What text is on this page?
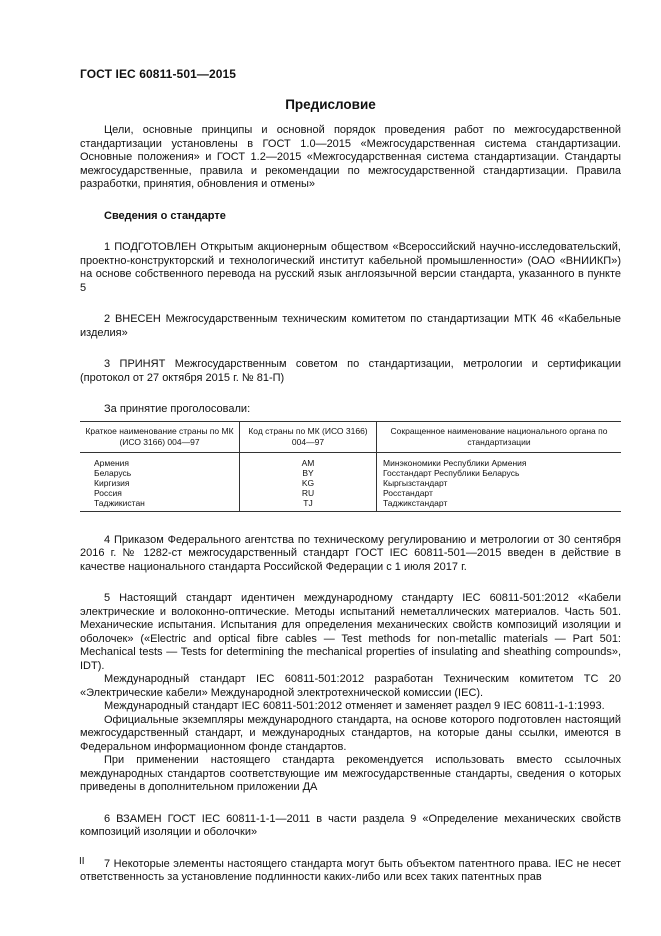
ГОСТ IEC 60811-501—2015
Предисловие

Цели, основные принципы и основной порядок проведения работ по межгосударственной стандартизации установлены в ГОСТ 1.0—2015 «Межгосударственная система стандартизации. Основные положения» и ГОСТ 1.2—2015 «Межгосударственная система стандартизации. Стандарты межгосударственные, правила и рекомендации по межгосударственной стандартизации. Правила разработки, принятия, обновления и отмены»

Сведения о стандарте

1 ПОДГОТОВЛЕН Открытым акционерным обществом «Всероссийский научно-исследовательский, проектно-конструкторский и технологический институт кабельной промышленности» (ОАО «ВНИИКП») на основе собственного перевода на русский язык англоязычной версии стандарта, указанного в пункте 5

2 ВНЕСЕН Межгосударственным техническим комитетом по стандартизации МТК 46 «Кабельные изделия»

3 ПРИНЯТ Межгосударственным советом по стандартизации, метрологии и сертификации (протокол от 27 октября 2015 г. № 81-П)

За принятие проголосовали:

Краткое наименование страны по МК (ИСО 3166) 004—97	Код страны по МК (ИСО 3166) 004—97	Сокращенное наименование национального органа по стандартизации
Армения	AM	Минэкономики Республики Армения
Беларусь	BY	Госстандарт Республики Беларусь
Киргизия	KG	Кыргызстандарт
Россия	RU	Росстандарт
Таджикистан	TJ	Таджикстандарт

4 Приказом Федерального агентства по техническому регулированию и метрологии от 30 сентября 2016 г. № 1282-ст межгосударственный стандарт ГОСТ IEC 60811-501—2015 введен в действие в качестве национального стандарта Российской Федерации с 1 июля 2017 г.

5 Настоящий стандарт идентичен международному стандарту IEC 60811-501:2012 «Кабели электрические и волоконно-оптические. Методы испытаний неметаллических материалов. Часть 501. Механические испытания. Испытания для определения механических свойств композиций изоляции и оболочек» («Electric and optical fibre cables — Test methods for non-metallic materials — Part 501: Mechanical tests — Tests for determining the mechanical properties of insulating and sheathing compounds», IDT).

Международный стандарт IEC 60811-501:2012 разработан Техническим комитетом TC 20 «Электрические кабели» Международной электротехнической комиссии (IEC).

Международный стандарт IEC 60811-501:2012 отменяет и заменяет раздел 9 IEC 60811-1-1:1993.

Официальные экземпляры международного стандарта, на основе которого подготовлен настоящий межгосударственный стандарт, и международных стандартов, на которые даны ссылки, имеются в Федеральном информационном фонде стандартов.

При применении настоящего стандарта рекомендуется использовать вместо ссылочных международных стандартов соответствующие им межгосударственные стандарты, сведения о которых приведены в дополнительном приложении ДА

6 ВЗАМЕН ГОСТ IEC 60811-1-1—2011 в части раздела 9 «Определение механических свойств композиций изоляции и оболочки»

7 Некоторые элементы настоящего стандарта могут быть объектом патентного права. IEC не несет ответственность за установление подлинности каких-либо или всех таких патентных прав

II
